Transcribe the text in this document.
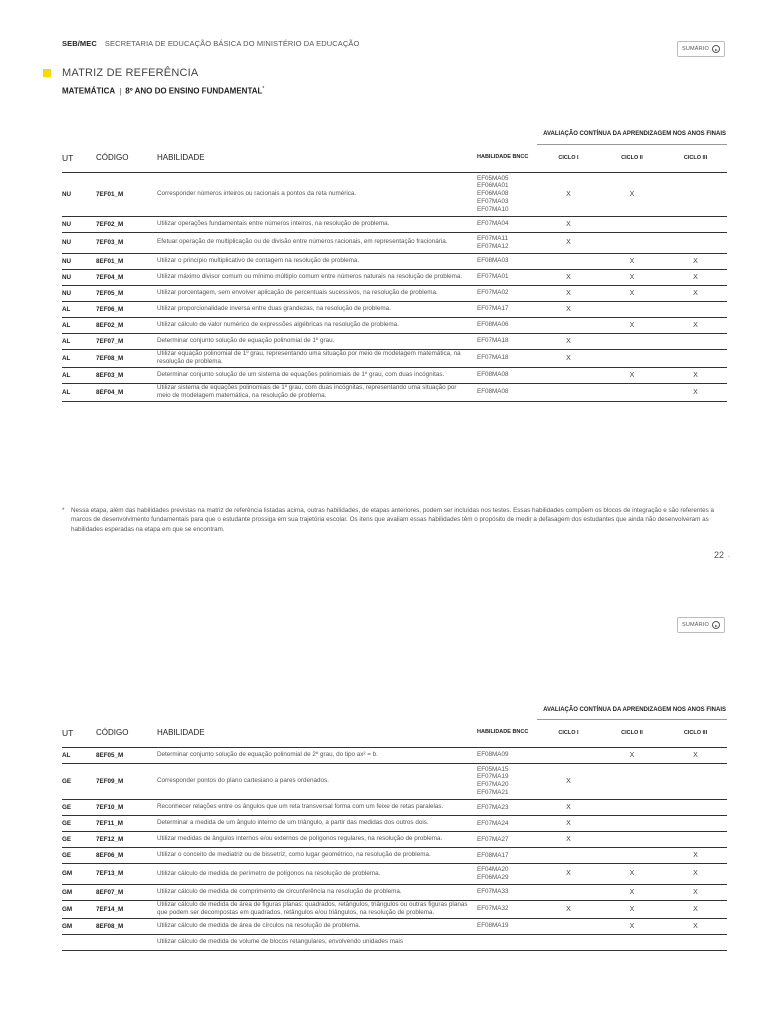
SEB/MEC SECRETARIA DE EDUCAÇÃO BÁSICA DO MINISTÉRIO DA EDUCAÇÃO
SUMÁRIO
MATRIZ DE REFERÊNCIA
MATEMÁTICA | 8º ANO DO ENSINO FUNDAMENTAL*
AVALIAÇÃO CONTÍNUA DA APRENDIZAGEM NOS ANOS FINAIS
UT	CÓDIGO	HABILIDADE	HABILIDADE BNCC	CICLO I	CICLO II	CICLO III
NU	7EF01_M	Corresponder números inteiros ou racionais a pontos da reta numérica.	EF05MA05
EF06MA01
EF06MA08
EF07MA03
EF07MA10	X	X	
NU	7EF02_M	Utilizar operações fundamentais entre números inteiros, na resolução de problema.	EF07MA04	X		
NU	7EF03_M	Efetuar operação de multiplicação ou de divisão entre números racionais, em representação fracionária.	EF07MA11
EF07MA12	X		
NU	8EF01_M	Utilizar o princípio multiplicativo de contagem na resolução de problema.	EF08MA03		X	X
NU	7EF04_M	Utilizar máximo divisor comum ou mínimo múltiplo comum entre números naturais na resolução de problema.	EF07MA01	X	X	X
NU	7EF05_M	Utilizar porcentagem, sem envolver aplicação de percentuais sucessivos, na resolução de problema.	EF07MA02	X	X	X
AL	7EF06_M	Utilizar proporcionalidade inversa entre duas grandezas, na resolução de problema.	EF07MA17	X		
AL	8EF02_M	Utilizar cálculo de valor numérico de expressões algébricas na resolução de problema.	EF08MA06		X	X
AL	7EF07_M	Determinar conjunto solução de equação polinomial de 1º grau.	EF07MA18	X		
AL	7EF08_M	Utilizar equação polinomial de 1º grau, representando uma situação por meio de modelagem matemática, na resolução de problema.	EF07MA18	X		
AL	8EF03_M	Determinar conjunto solução de um sistema de equações polinomiais de 1º grau, com duas incógnitas.	EF08MA08		X	X
AL	8EF04_M	Utilizar sistema de equações polinomiais de 1º grau, com duas incógnitas, representando uma situação por meio de modelagem matemática, na resolução de problema.	EF08MA08			X
* Nessa etapa, além das habilidades previstas na matriz de referência listadas acima, outras habilidades, de etapas anteriores, podem ser incluídas nos testes. Essas habilidades compõem os blocos de integração e são referentes a marcos de desenvolvimento fundamentais para que o estudante prossiga em sua trajetória escolar. Os itens que avaliam essas habilidades têm o propósito de medir a defasagem dos estudantes que ainda não desenvolveram as habilidades esperadas na etapa em que se encontram.

22 •
SUMÁRIO
AVALIAÇÃO CONTÍNUA DA APRENDIZAGEM NOS ANOS FINAIS
UT	CÓDIGO	HABILIDADE	HABILIDADE BNCC	CICLO I	CICLO II	CICLO III
AL	8EF05_M	Determinar conjunto solução de equação polinomial de 2º grau, do tipo ax² = b.	EF08MA09		X	X
GE	7EF09_M	Corresponder pontos do plano cartesiano a pares ordenados.	EF05MA15
EF07MA19
EF07MA20
EF07MA21	X		
GE	7EF10_M	Reconhecer relações entre os ângulos que um reta transversal forma com um feixe de retas paralelas.	EF07MA23	X		
GE	7EF11_M	Determinar a medida de um ângulo interno de um triângulo, a partir das medidas dos outros dois.	EF07MA24	X		
GE	7EF12_M	Utilizar medidas de ângulos internos e/ou externos de polígonos regulares, na resolução de problema.	EF07MA27	X		
GE	8EF06_M	Utilizar o conceito de mediatriz ou de bissetriz, como lugar geométrico, na resolução de problema.	EF08MA17			X
GM	7EF13_M	Utilizar cálculo de medida de perímetro de polígonos na resolução de problema.	EF04MA20
EF06MA29	X	X	X
GM	8EF07_M	Utilizar cálculo de medida de comprimento de circunferência na resolução de problema.	EF07MA33		X	X
GM	7EF14_M	Utilizar cálculo de medida de área de figuras planas: quadrados, retângulos, triângulos ou outras figuras planas que podem ser decompostas em quadrados, retângulos e/ou triângulos, na resolução de problema.	EF07MA32	X	X	X
GM	8EF08_M	Utilizar cálculo de medida de área de círculos na resolução de problema.	EF08MA19		X	X
		Utilizar cálculo de medida de volume de blocos retangulares, envolvendo unidades mais				
